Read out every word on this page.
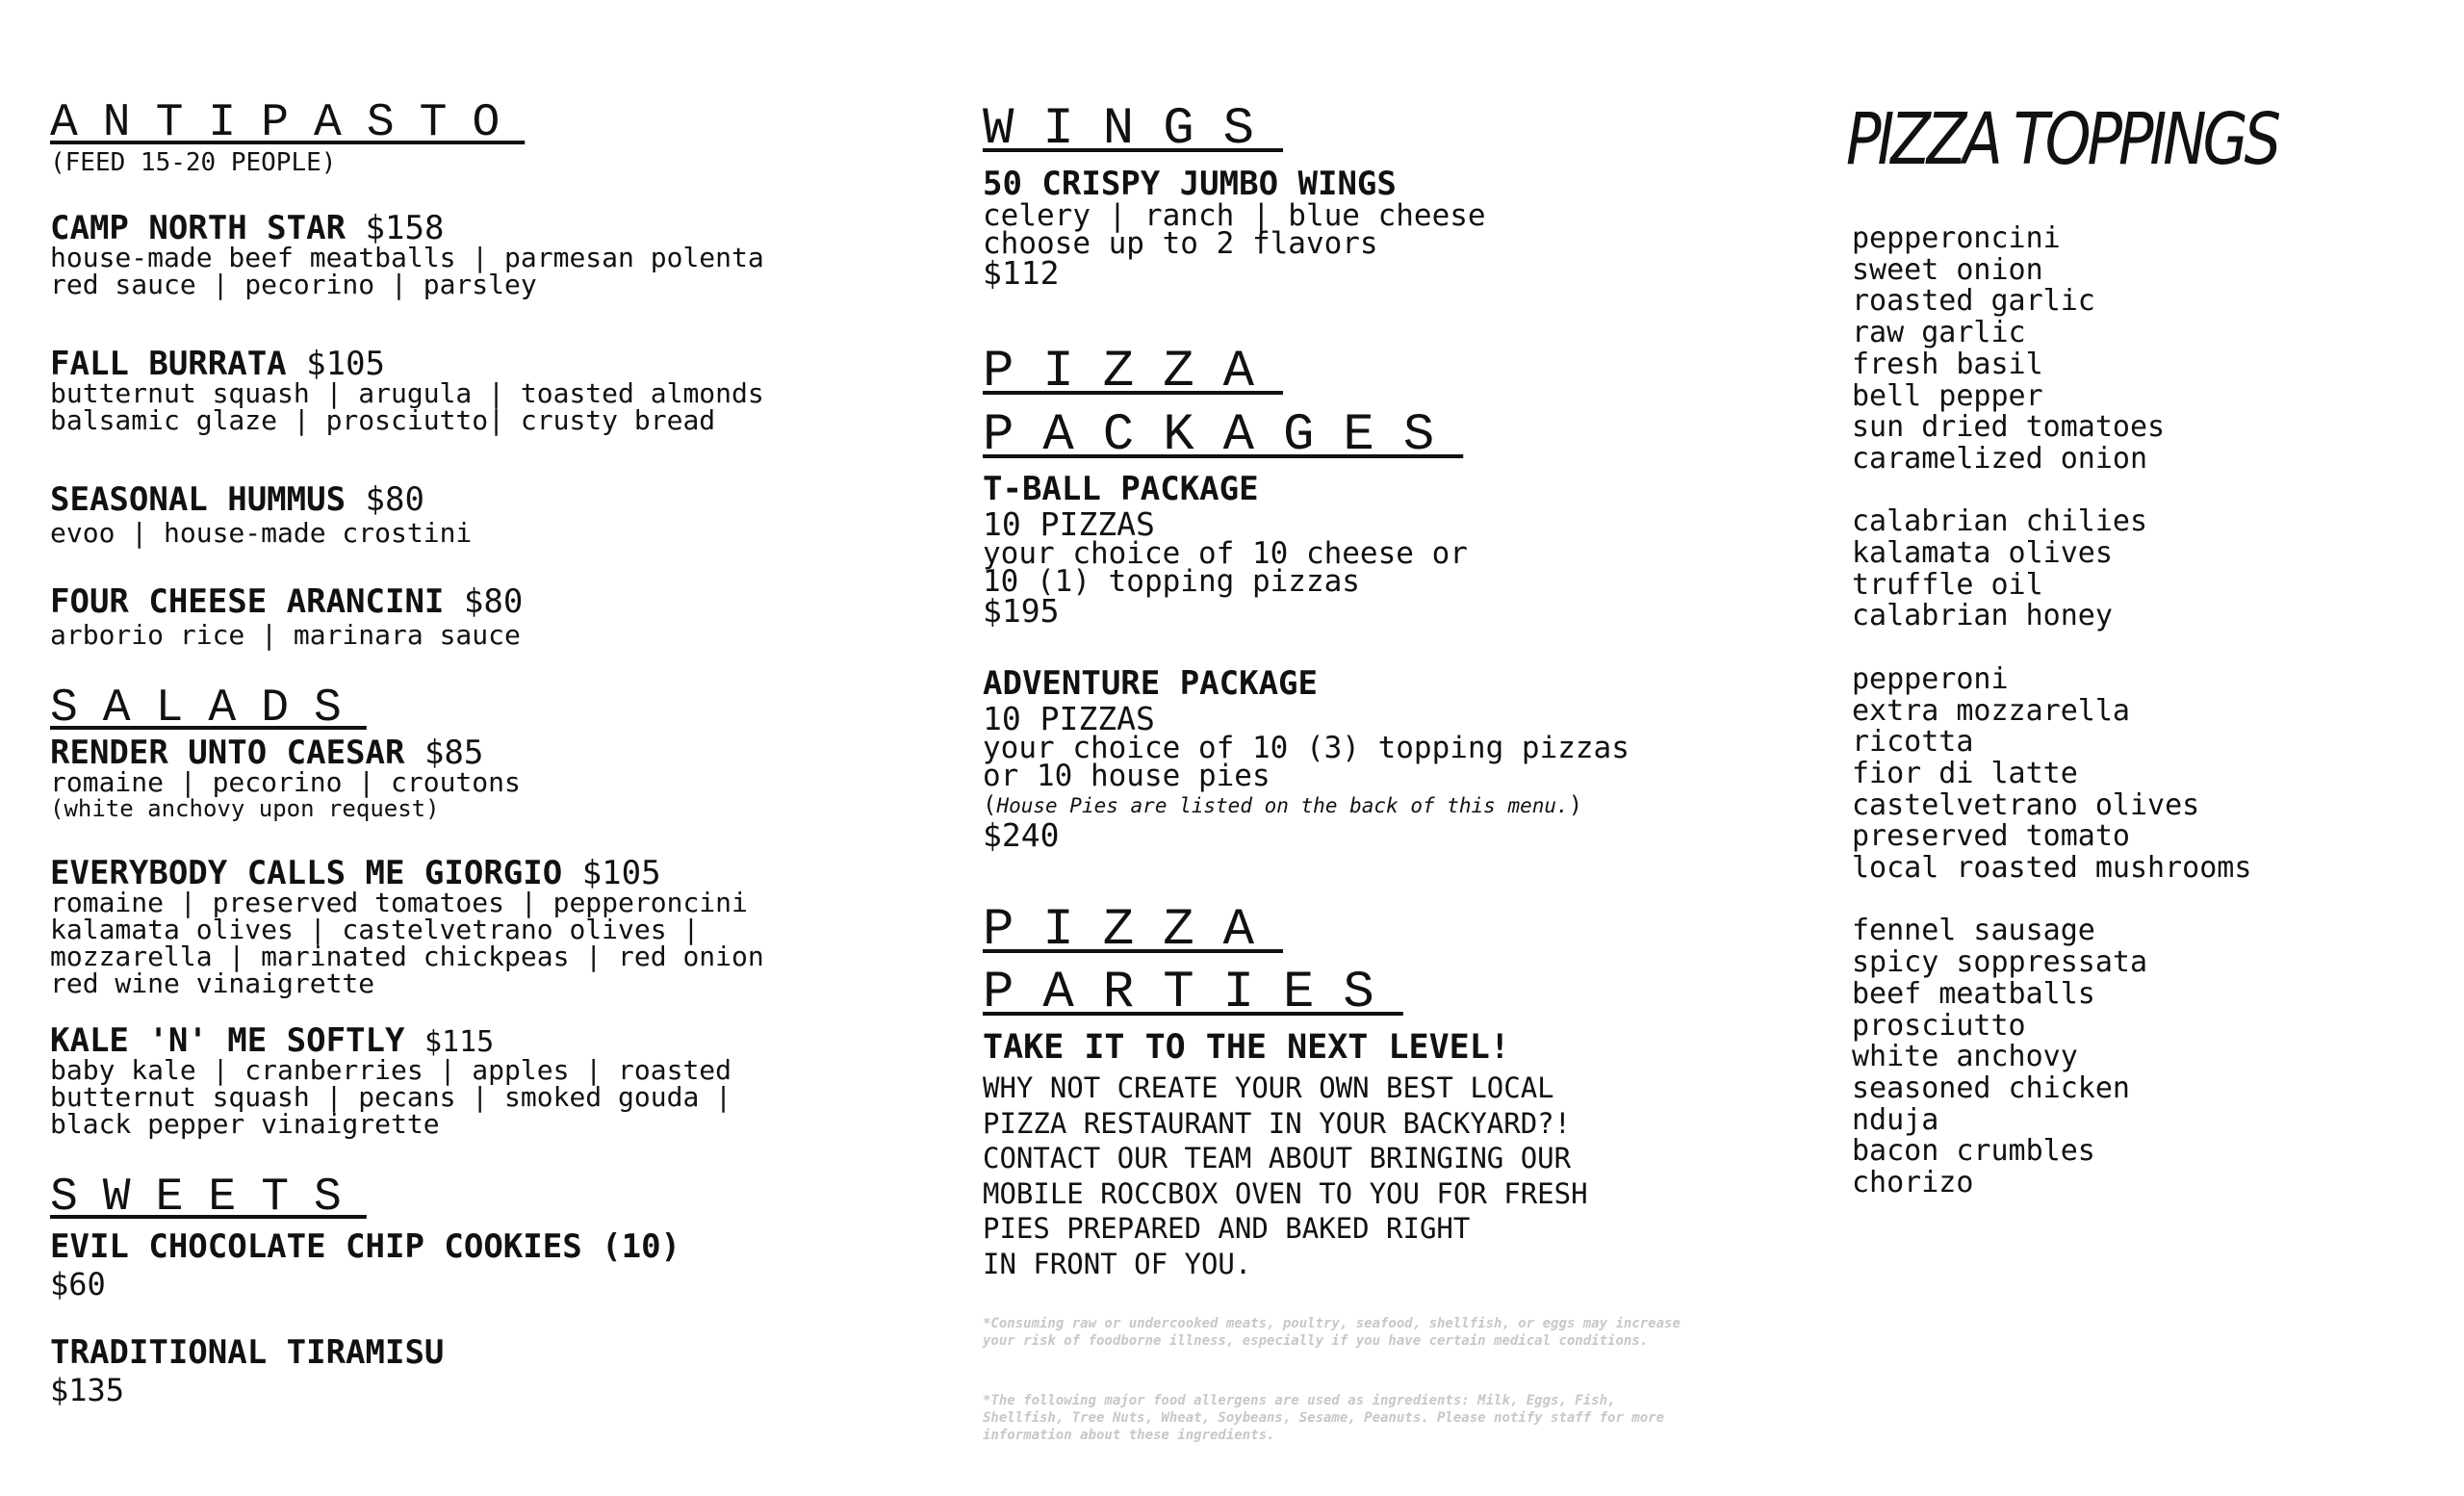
ANTIPASTO
(FEED 15-20 PEOPLE)
CAMP NORTH STAR $158
house-made beef meatballs | parmesan polenta
red sauce | pecorino | parsley
FALL BURRATA $105
butternut squash | arugula | toasted almonds
balsamic glaze | prosciutto| crusty bread
SEASONAL HUMMUS $80
evoo | house-made crostini
FOUR CHEESE ARANCINI $80
arborio rice | marinara sauce
SALADS
RENDER UNTO CAESAR $85
romaine | pecorino | croutons
(white anchovy upon request)
EVERYBODY CALLS ME GIORGIO $105
romaine | preserved tomatoes | pepperoncini
kalamata olives | castelvetrano olives |
mozzarella | marinated chickpeas | red onion
red wine vinaigrette
KALE 'N' ME SOFTLY $115
baby kale | cranberries | apples | roasted
butternut squash | pecans | smoked gouda |
black pepper vinaigrette
SWEETS
EVIL CHOCOLATE CHIP COOKIES (10)
$60
TRADITIONAL TIRAMISU
$135
WINGS
50 CRISPY JUMBO WINGS
celery | ranch | blue cheese
choose up to 2 flavors
$112
PIZZA
PACKAGES
T-BALL PACKAGE
10 PIZZAS
your choice of 10 cheese or
10 (1) topping pizzas
$195
ADVENTURE PACKAGE
10 PIZZAS
your choice of 10 (3) topping pizzas
or 10 house pies
(House Pies are listed on the back of this menu.)
$240
PIZZA
PARTIES
TAKE IT TO THE NEXT LEVEL!
WHY NOT CREATE YOUR OWN BEST LOCAL
PIZZA RESTAURANT IN YOUR BACKYARD?!
CONTACT OUR TEAM ABOUT BRINGING OUR
MOBILE ROCCBOX OVEN TO YOU FOR FRESH
PIES PREPARED AND BAKED RIGHT
IN FRONT OF YOU.
*Consuming raw or undercooked meats, poultry, seafood, shellfish, or eggs may increase your risk of foodborne illness, especially if you have certain medical conditions.
*The following major food allergens are used as ingredients: Milk, Eggs, Fish, Shellfish, Tree Nuts, Wheat, Soybeans, Sesame, Peanuts. Please notify staff for more information about these ingredients.
PIZZA TOPPINGS
pepperoncini
sweet onion
roasted garlic
raw garlic
fresh basil
bell pepper
sun dried tomatoes
caramelized onion
calabrian chilies
kalamata olives
truffle oil
calabrian honey
pepperoni
extra mozzarella
ricotta
fior di latte
castelvetrano olives
preserved tomato
local roasted mushrooms
fennel sausage
spicy soppressata
beef meatballs
prosciutto
white anchovy
seasoned chicken
nduja
bacon crumbles
chorizo
